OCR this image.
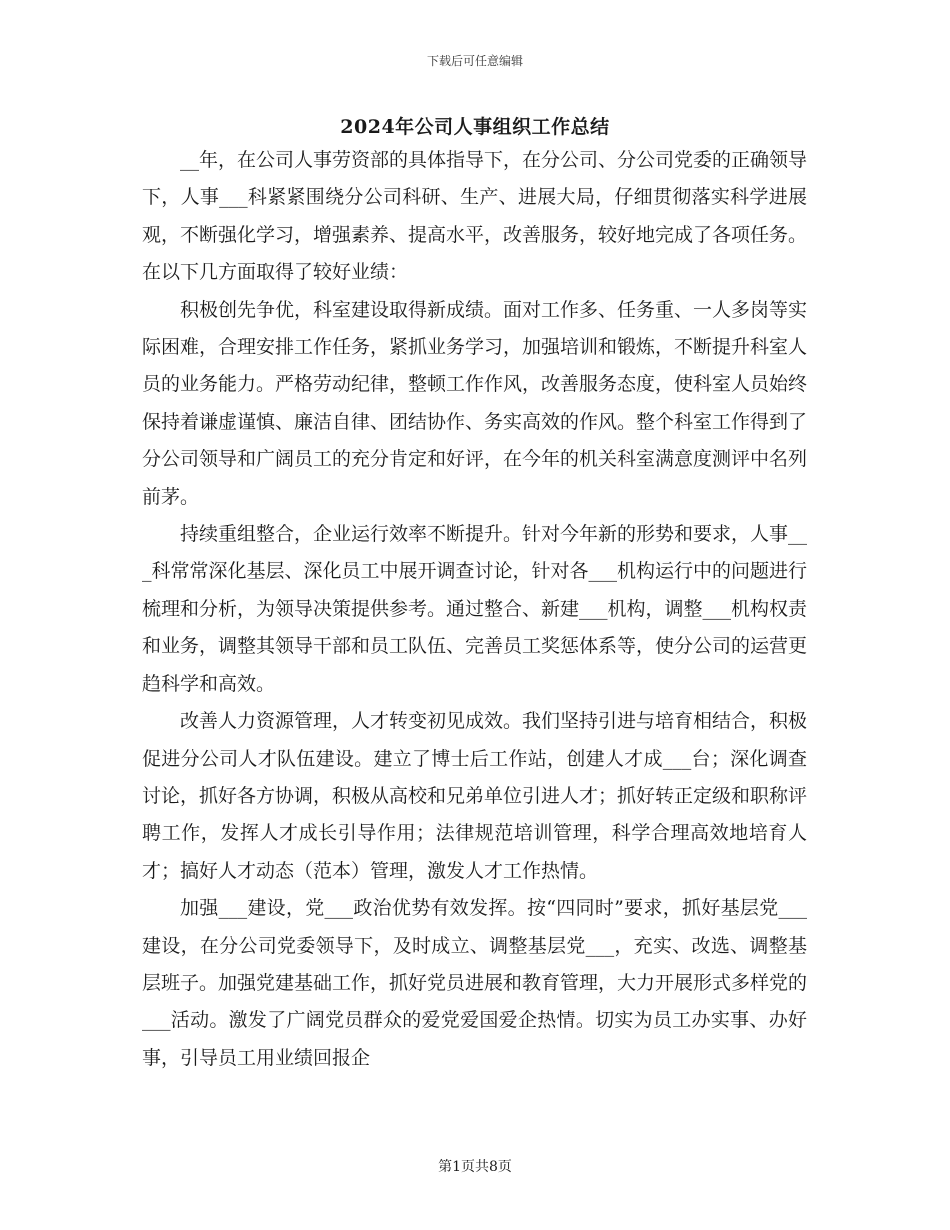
下载后可任意编辑
2024年公司人事组织工作总结

__年，在公司人事劳资部的具体指导下，在分公司、分公司党委的正确领导下，人事___科紧紧围绕分公司科研、生产、进展大局，仔细贯彻落实科学进展观，不断强化学习，增强素养、提高水平，改善服务，较好地完成了各项任务。在以下几方面取得了较好业绩：

积极创先争优，科室建设取得新成绩。面对工作多、任务重、一人多岗等实际困难，合理安排工作任务，紧抓业务学习，加强培训和锻炼，不断提升科室人员的业务能力。严格劳动纪律，整顿工作作风，改善服务态度，使科室人员始终保持着谦虚谨慎、廉洁自律、团结协作、务实高效的作风。整个科室工作得到了分公司领导和广阔员工的充分肯定和好评，在今年的机关科室满意度测评中名列前茅。

持续重组整合，企业运行效率不断提升。针对今年新的形势和要求，人事___科常常深化基层、深化员工中展开调查讨论，针对各___机构运行中的问题进行梳理和分析，为领导决策提供参考。通过整合、新建___机构，调整___机构权责和业务，调整其领导干部和员工队伍、完善员工奖惩体系等，使分公司的运营更趋科学和高效。

改善人力资源管理，人才转变初见成效。我们坚持引进与培育相结合，积极促进分公司人才队伍建设。建立了博士后工作站，创建人才成___台；深化调查讨论，抓好各方协调，积极从高校和兄弟单位引进人才；抓好转正定级和职称评聘工作，发挥人才成长引导作用；法律规范培训管理，科学合理高效地培育人才；搞好人才动态（范本）管理，激发人才工作热情。

加强___建设，党___政治优势有效发挥。按“四同时”要求，抓好基层党___建设，在分公司党委领导下，及时成立、调整基层党___，充实、改选、调整基层班子。加强党建基础工作，抓好党员进展和教育管理，大力开展形式多样党的___活动。激发了广阔党员群众的爱党爱国爱企热情。切实为员工办实事、办好事，引导员工用业绩回报企

第1页共8页
